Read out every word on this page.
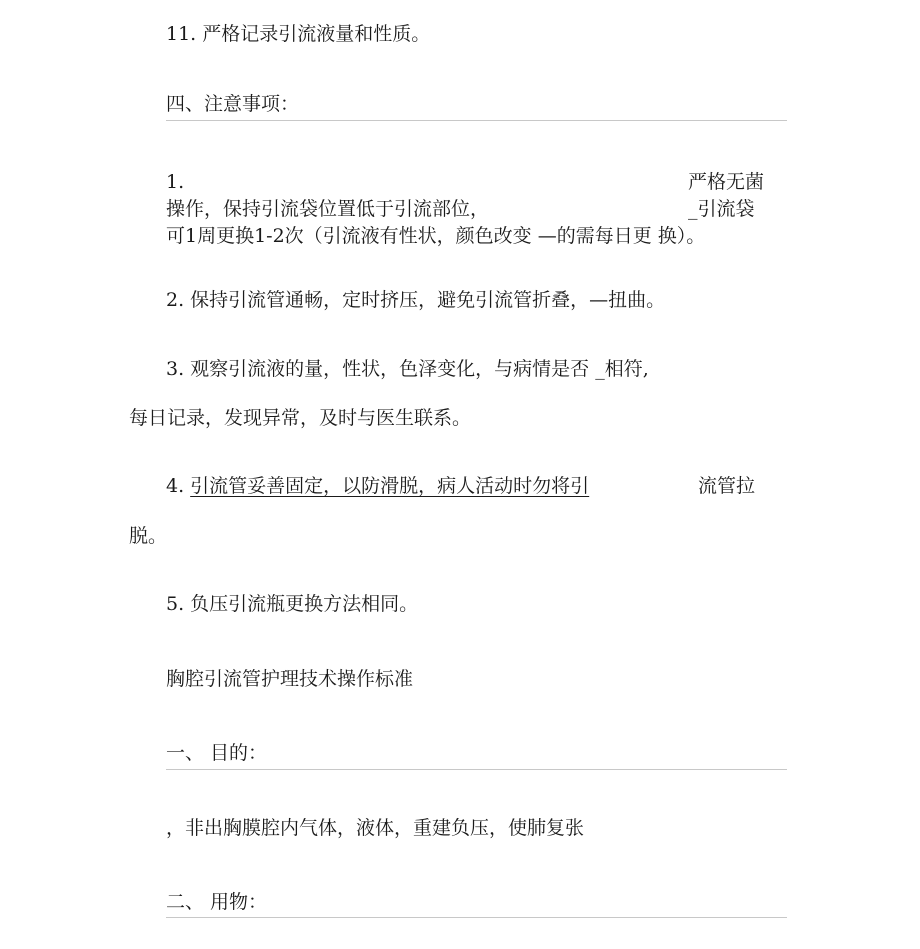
11. 严格记录引流液量和性质。
四、注意事项：
1.	严格无菌
操作，保持引流袋位置低于引流部位，	_引流袋
可1周更换1-2次（引流液有性状，颜色改变 —的需每日更 换）。
2. 保持引流管通畅，定时挤压，避免引流管折叠，—扭曲。
3. 观察引流液的量，性状，色泽变化，与病情是否 _相符,
每日记录，发现异常，及时与医生联系。
4. 引流管妥善固定，以防滑脱，病人活动时勿将引	流管拉
脱。
5. 负压引流瓶更换方法相同。
胸腔引流管护理技术操作标准
一、 目的：
，非出胸膜腔内气体，液体，重建负压，使肺复张
二、 用物：
